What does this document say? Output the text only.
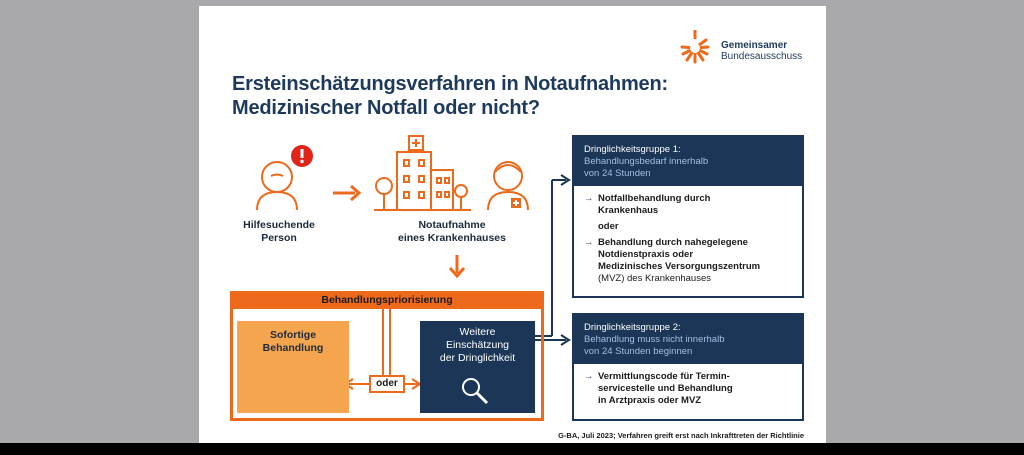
Gemeinsamer
Bundesausschuss
Ersteinschätzungsverfahren in Notaufnahmen:
Medizinischer Notfall oder nicht?
Hilfesuchende
Person
Notaufnahme
eines Krankenhauses
Behandlungspriorisierung
Sofortige
Behandlung
Weitere
Einschätzung
der Dringlichkeit
oder
Dringlichkeitsgruppe 1:
Behandlungsbedarf innerhalb
von 24 Stunden
→ Notfallbehandlung durch
Krankenhaus
oder
→ Behandlung durch nahegelegene
Notdienstpraxis oder
Medizinisches Versorgungszentrum
(MVZ) des Krankenhauses
Dringlichkeitsgruppe 2:
Behandlung muss nicht innerhalb
von 24 Stunden beginnen
→ Vermittlungscode für Termin-
servicestelle und Behandlung
in Arztpraxis oder MVZ
G-BA, Juli 2023; Verfahren greift erst nach Inkrafttreten der Richtlinie
